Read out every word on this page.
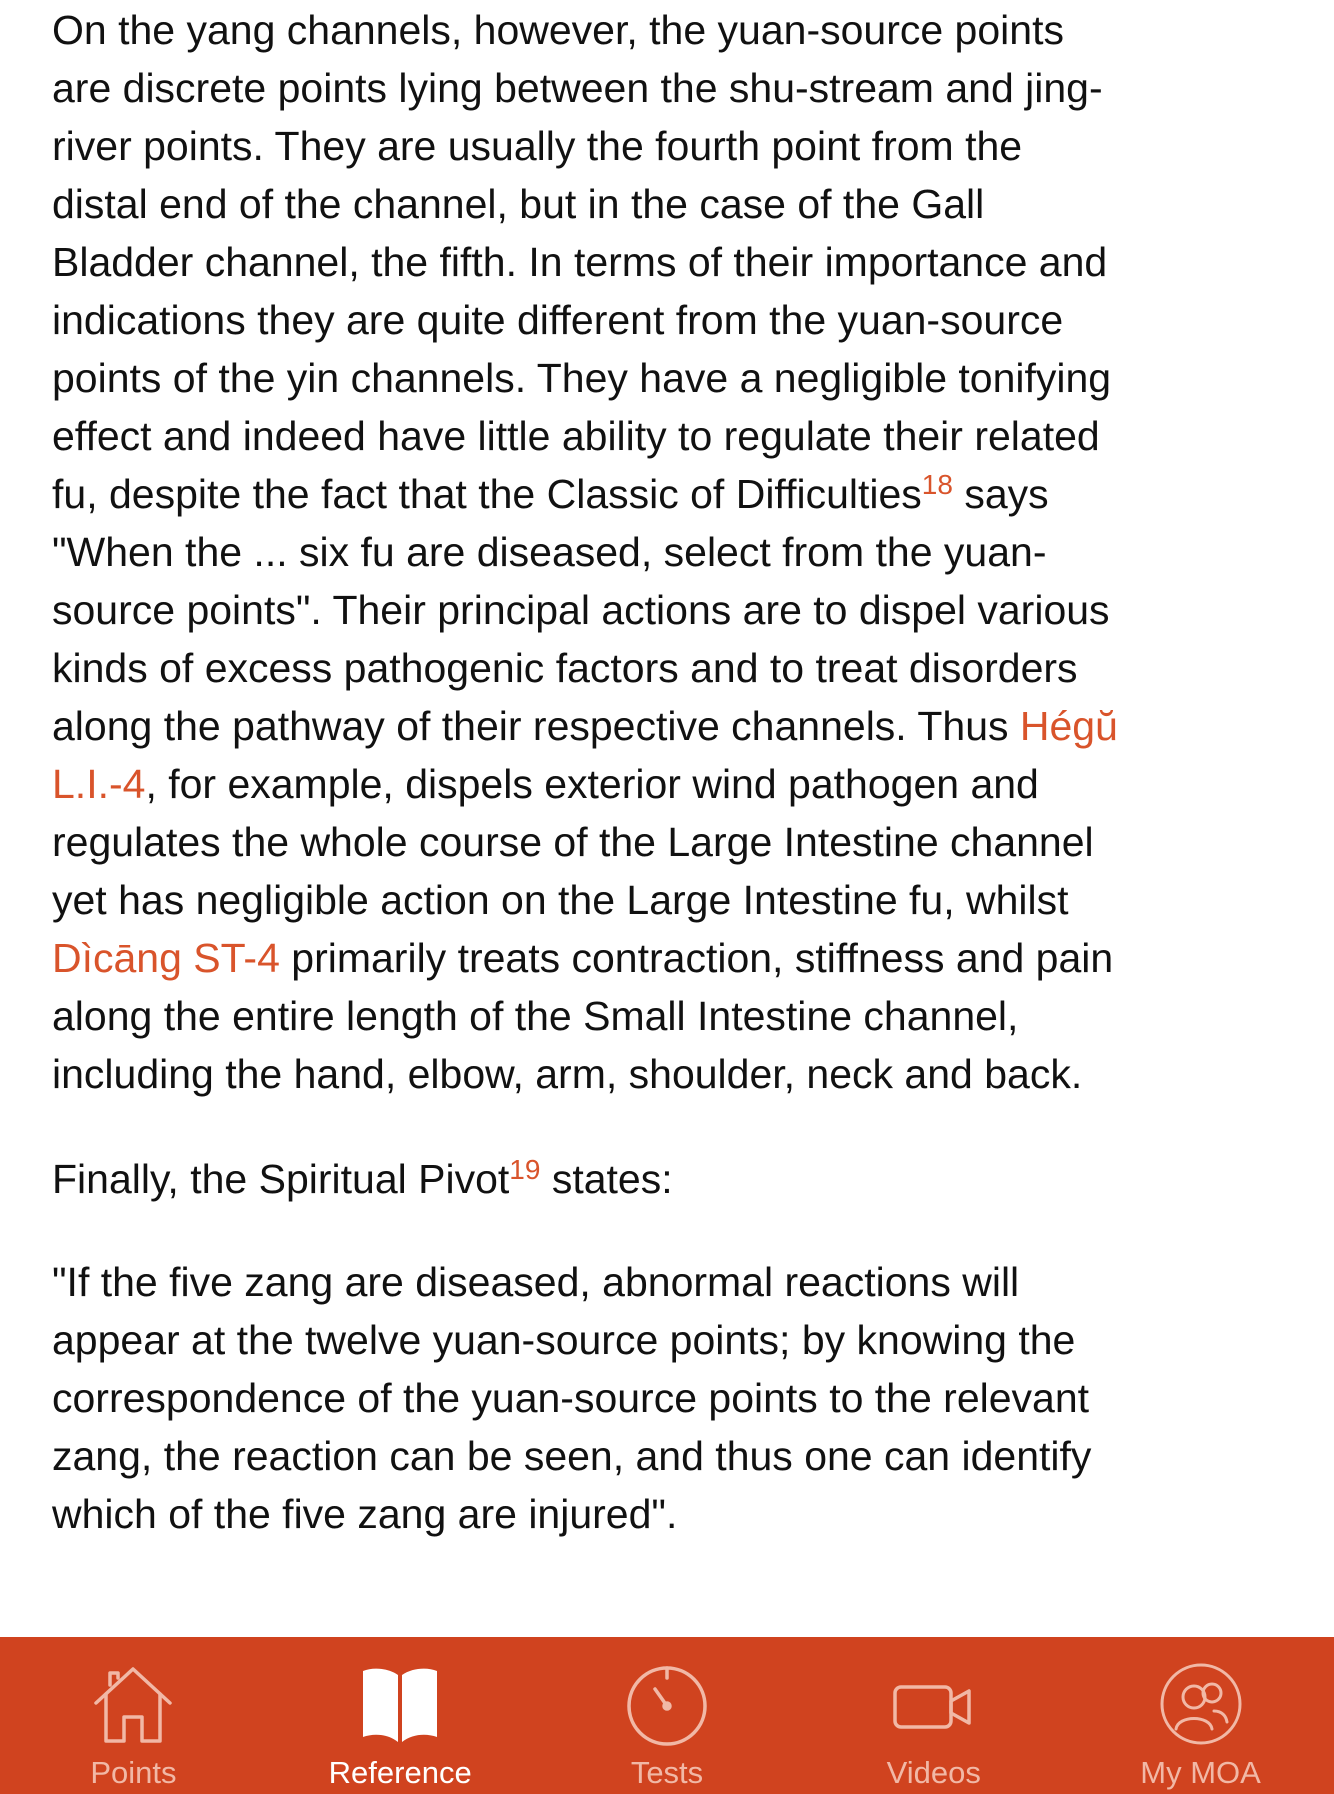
On the yang channels, however, the yuan-source points
are discrete points lying between the shu-stream and jing-
river points. They are usually the fourth point from the
distal end of the channel, but in the case of the Gall
Bladder channel, the fifth. In terms of their importance and
indications they are quite different from the yuan-source
points of the yin channels. They have a negligible tonifying
effect and indeed have little ability to regulate their related
fu, despite the fact that the Classic of Difficulties$^{18}$ says
"When the ... six fu are diseased, select from the yuan-
source points". Their principal actions are to dispel various
kinds of excess pathogenic factors and to treat disorders
along the pathway of their respective channels. Thus Hégŭ
L.I.-4, for example, dispels exterior wind pathogen and
regulates the whole course of the Large Intestine channel
yet has negligible action on the Large Intestine fu, whilst
Dìcāng ST-4 primarily treats contraction, stiffness and pain
along the entire length of the Small Intestine channel,
including the hand, elbow, arm, shoulder, neck and back.
Finally, the Spiritual Pivot$^{19}$ states:
"If the five zang are diseased, abnormal reactions will
appear at the twelve yuan-source points; by knowing the
correspondence of the yuan-source points to the relevant
zang, the reaction can be seen, and thus one can identify
which of the five zang are injured".
Points	Reference	Tests	Videos	My MOA
